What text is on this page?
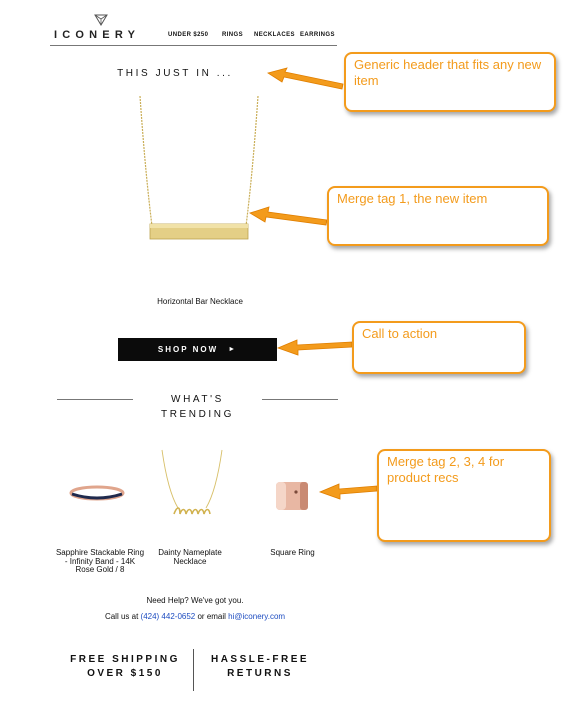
ICONERY	UNDER $250 RINGS NECKLACES EARRINGS
THIS JUST IN ...
Horizontal Bar Necklace
SHOP NOW ►
WHAT'S
TRENDING
Sapphire Stackable Ring - Infinity Band - 14K Rose Gold / 8
Dainty Nameplate Necklace
Square Ring
Need Help? We've got you.
Call us at (424) 442-0652 or email hi@iconery.com
FREE SHIPPING
OVER $150
HASSLE-FREE
RETURNS
Generic header that fits any new item
Merge tag 1, the new item
Call to action
Merge tag 2, 3, 4 for product recs
